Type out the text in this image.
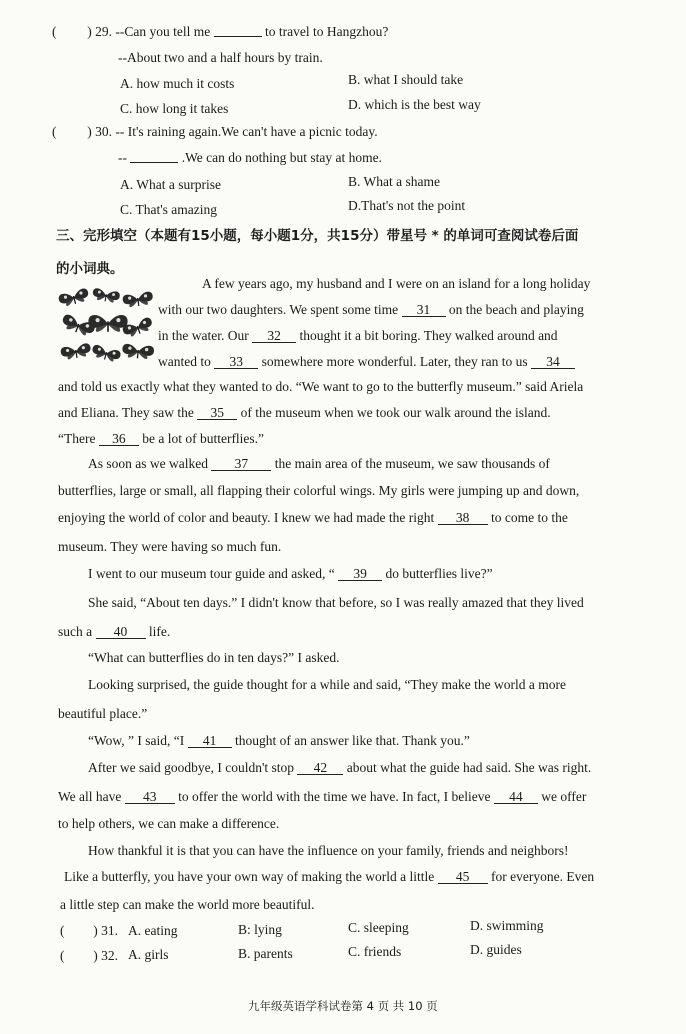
( ) 29. --Can you tell me	to travel to Hangzhou?
--About two and a half hours by train.
A. how much it costs	B. what I should take
C. how long it takes	D. which is the best way
( ) 30. -- It's raining again.We can't have a picnic today.
--	.We can do nothing but stay at home.
A. What a surprise	B. What a shame
C. That's amazing	D.That's not the point
三、完形填空（本题有15小题，每小题1分，共15分）带星号 * 的单词可查阅试卷后面
的小词典。
A few years ago, my husband and I were on an island for a long holiday
with our two daughters. We spent some time 31 on the beach and playing
in the water. Our 32 thought it a bit boring. They walked around and
wanted to 33 somewhere more wonderful. Later, they ran to us 34
and told us exactly what they wanted to do. “We want to go to the butterfly museum.” said Ariela
and Eliana. They saw the 35 of the museum when we took our walk around the island.
“There 36 be a lot of butterflies.”
As soon as we walked 37 the main area of the museum, we saw thousands of
butterflies, large or small, all flapping their colorful wings. My girls were jumping up and down,
enjoying the world of color and beauty. I knew we had made the right 38 to come to the
museum. They were having so much fun.
I went to our museum tour guide and asked, “ 39 do butterflies live?”
She said, “About ten days.” I didn't know that before, so I was really amazed that they lived
such a 40 life.
“What can butterflies do in ten days?” I asked.
Looking surprised, the guide thought for a while and said, “They make the world a more
beautiful place.”
“Wow, ” I said, “I 41 thought of an answer like that. Thank you.”
After we said goodbye, I couldn't stop 42 about what the guide had said. She was right.
We all have 43 to offer the world with the time we have. In fact, I believe 44 we offer
to help others, we can make a difference.
How thankful it is that you can have the influence on your family, friends and neighbors!
Like a butterfly, you have your own way of making the world a little 45 for everyone. Even
a little step can make the world more beautiful.
( ) 31. A. eating	B: lying	C. sleeping	D. swimming
( ) 32. A. girls	B. parents	C. friends	D. guides
九年级英语学科试卷第 4 页 共 10 页
